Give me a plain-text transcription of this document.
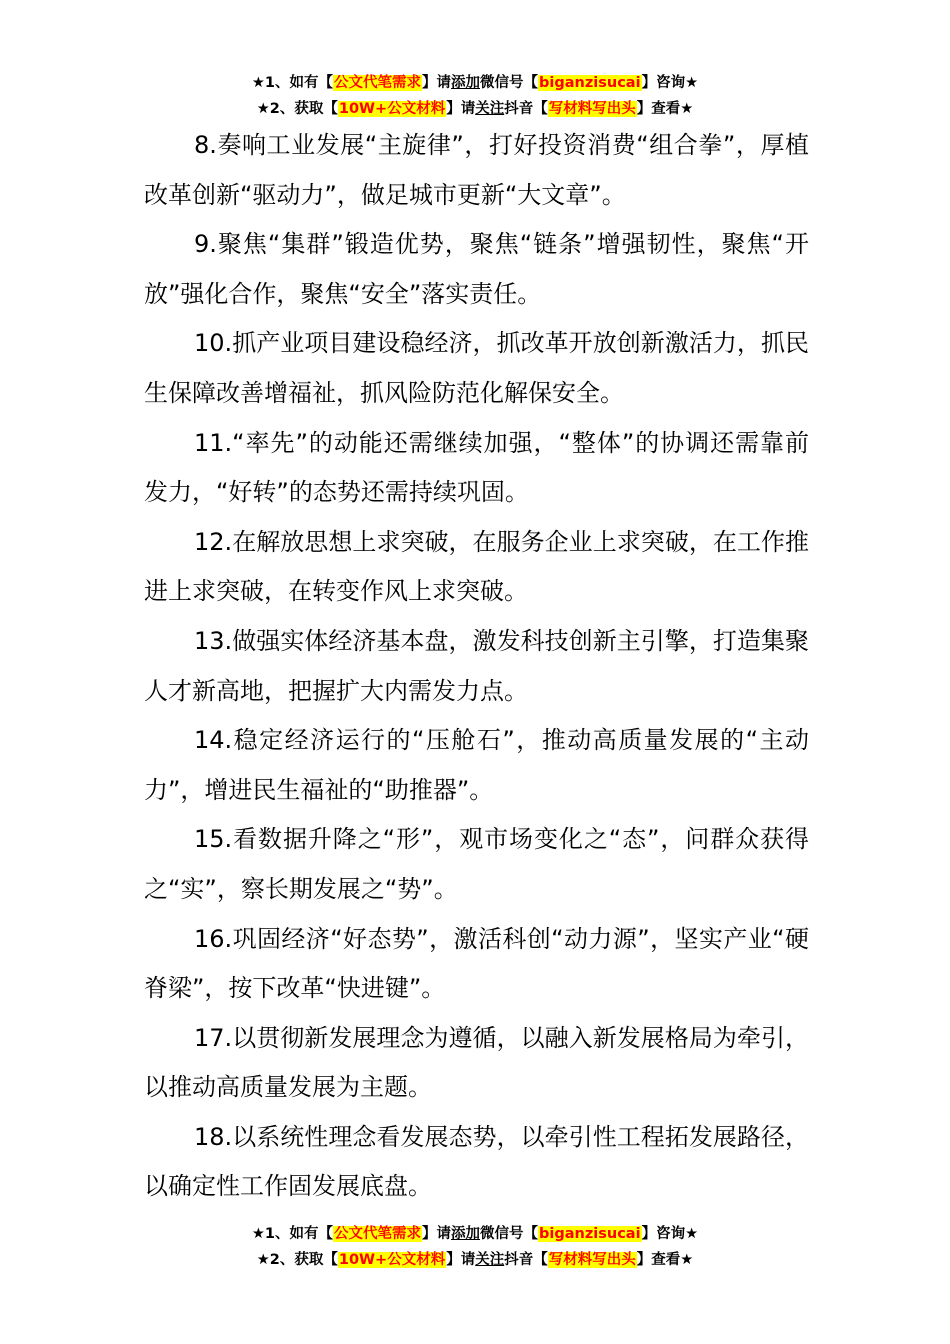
★1、如有【公文代笔需求】请添加微信号【biganzisucai】咨询★
★2、获取【10W+公文材料】请关注抖音【写材料写出头】查看★

8.奏响工业发展“主旋律”，打好投资消费“组合拳”，厚植改革创新“驱动力”，做足城市更新“大文章”。

9.聚焦“集群”锻造优势，聚焦“链条”增强韧性，聚焦“开放”强化合作，聚焦“安全”落实责任。

10.抓产业项目建设稳经济，抓改革开放创新激活力，抓民生保障改善增福祉，抓风险防范化解保安全。

11.“率先”的动能还需继续加强，“整体”的协调还需靠前发力，“好转”的态势还需持续巩固。

12.在解放思想上求突破，在服务企业上求突破，在工作推进上求突破，在转变作风上求突破。

13.做强实体经济基本盘，激发科技创新主引擎，打造集聚人才新高地，把握扩大内需发力点。

14.稳定经济运行的“压舱石”，推动高质量发展的“主动力”，增进民生福祉的“助推器”。

15.看数据升降之“形”，观市场变化之“态”，问群众获得之“实”，察长期发展之“势”。

16.巩固经济“好态势”，激活科创“动力源”，坚实产业“硬脊梁”，按下改革“快进键”。

17.以贯彻新发展理念为遵循，以融入新发展格局为牵引，以推动高质量发展为主题。

18.以系统性理念看发展态势，以牵引性工程拓发展路径，以确定性工作固发展底盘。

★1、如有【公文代笔需求】请添加微信号【biganzisucai】咨询★
★2、获取【10W+公文材料】请关注抖音【写材料写出头】查看★
